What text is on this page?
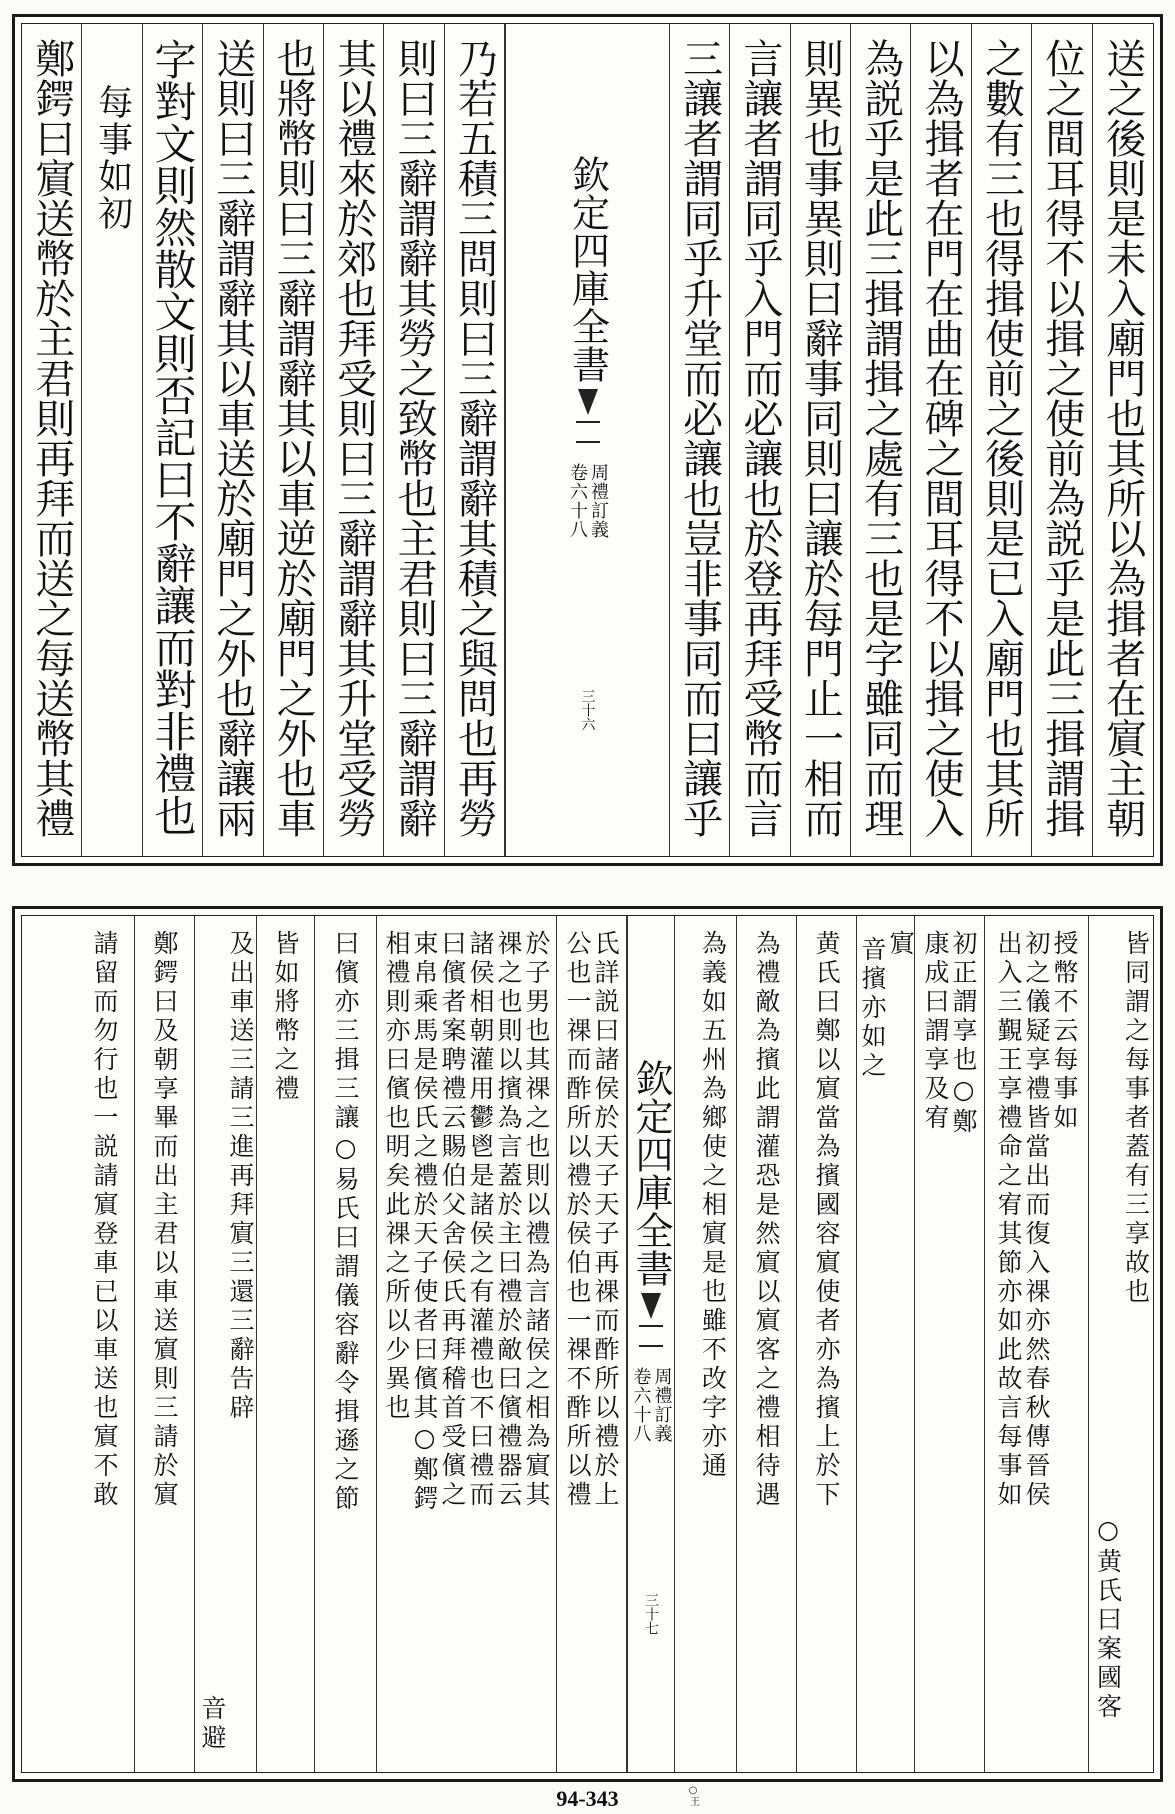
送之後則是未入廟門也其所以為揖者在賔主朝
位之間耳得不以揖之使前為説乎是此三揖謂揖
之數有三也得揖使前之後則是已入廟門也其所
以為揖者在門在曲在碑之間耳得不以揖之使入
為説乎是此三揖謂揖之處有三也是字雖同而理
則異也事異則曰辭事同則曰讓於每門止一相而
言讓者謂同乎入門而必讓也於登再拜受幣而言
三讓者謂同乎升堂而必讓也豈非事同而曰讓乎
欽定四庫全書
周禮訂義
卷六十八
三十六
乃若五積三問則曰三辭謂辭其積之與問也再勞
則曰三辭謂辭其勞之致幣也主君則曰三辭謂辭
其以禮來於郊也拜受則曰三辭謂辭其升堂受勞
也將幣則曰三辭謂辭其以車逆於廟門之外也車
送則曰三辭謂辭其以車送於廟門之外也辭讓兩
字對文則然散文則否記曰不辭讓而對非禮也
每事如初
鄭鍔曰賔送幣於主君則再拜而送之每送幣其禮
皆同謂之每事者蓋有三享故也
○黄氏曰案國客
授幣不云每事如
初之儀疑享禮皆當出而復入祼亦然春秋傳晉侯
出入三覲王享禮命之宥其節亦如此故言每事如
初正謂享也○鄭
康成曰謂享及宥
賔
音擯亦如之
黄氏曰鄭以賔當為擯國容賔使者亦為擯上於下
為禮敵為擯此謂灌恐是然賔以賔客之禮相待遇
為義如五州為鄉使之相賔是也雖不改字亦通
○王
欽定四庫全書
周禮訂義
卷六十八
三十七
氏詳説曰諸侯於天子天子再祼而酢所以禮於上
公也一祼而酢所以禮於侯伯也一祼不酢所以禮
於子男也其祼之也則以禮為言諸侯之相為賔其
祼之也則以擯為言蓋於主曰禮於敵曰儐禮器云
諸侯相朝灌用鬱鬯是諸侯之有灌禮也不曰禮而
曰儐者案聘禮云賜伯父舍侯氏再拜稽首受儐之
束帛乘馬是侯氏之禮於天子使者曰儐其○鄭鍔
相禮則亦曰儐也明矣此祼之所以少異也
曰儐亦三揖三讓○易氏曰謂儀容辭令揖遜之節
皆如將幣之禮
及出車送三請三進再拜賔三還三辭告辟
音避
鄭鍔曰及朝享畢而出主君以車送賔則三請於賔
請留而勿行也一説請賔登車已以車送也賔不敢
94-343
